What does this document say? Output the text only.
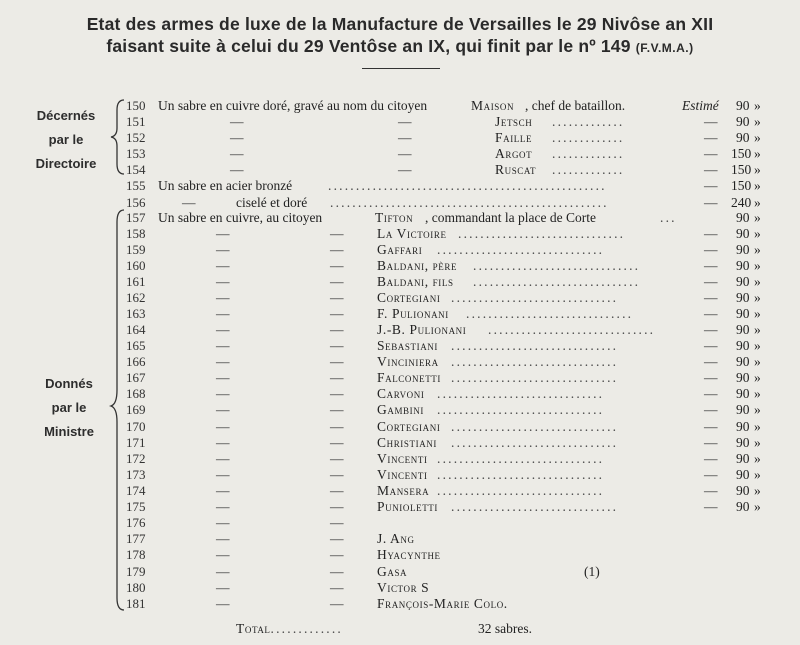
Etat des armes de luxe de la Manufacture de Versailles le 29 Nivôse an XII
faisant suite à celui du 29 Ventôse an IX, qui finit par le nº 149 (F.V.M.A.)
Décernés
par le
Directoire
Donnés
par le
Ministre
150 Un sabre en cuivre doré, gravé au nom du citoyen	Maison , chef de bataillon.	Estimé 90 »
151	—	—	Jetsch .............	— 90 »
152	—	—	Faille .............	— 90 »
153	—	—	Argot .............	— 150 »
154	—	—	Ruscat .............	— 150 »
155 Un sabre en acier bronzé	..................................................	— 150 »
156	—	ciselé et doré ..................................................	— 240 »
157 Un sabre en cuivre, au citoyen	Tifton , commandant la place de Corte	...	90 »
158	—	— La Victoire ..............................	— 90 »
159	—	— Gaffari ..............................	— 90 »
160	—	— Baldani, père ..............................	— 90 »
161	—	— Baldani, fils ..............................	— 90 »
162	—	— Cortegiani ..............................	— 90 »
163	—	— F. Pulionani ..............................	— 90 »
164	—	— J.-B. Pulionani ..............................	— 90 »
165	—	— Sebastiani ..............................	— 90 »
166	—	— Vinciniera ..............................	— 90 »
167	—	— Falconetti ..............................	— 90 »
168	—	— Carvoni ..............................	— 90 »
169	—	— Gambini ..............................	— 90 »
170	—	— Cortegiani ..............................	— 90 »
171	—	— Christiani ..............................	— 90 »
172	—	— Vincenti ..............................	— 90 »
173	—	— Vincenti ..............................	— 90 »
174	—	— Mansera ..............................	— 90 »
175	—	— Punioletti ..............................	— 90 »
176	—	—
177	—	— J. Ang
178	—	— Hyacynthe
179	—	— Gasa	(1)
180	—	— Victor S
181	—	— François-Marie Colo.
Total.............	32 sabres.
